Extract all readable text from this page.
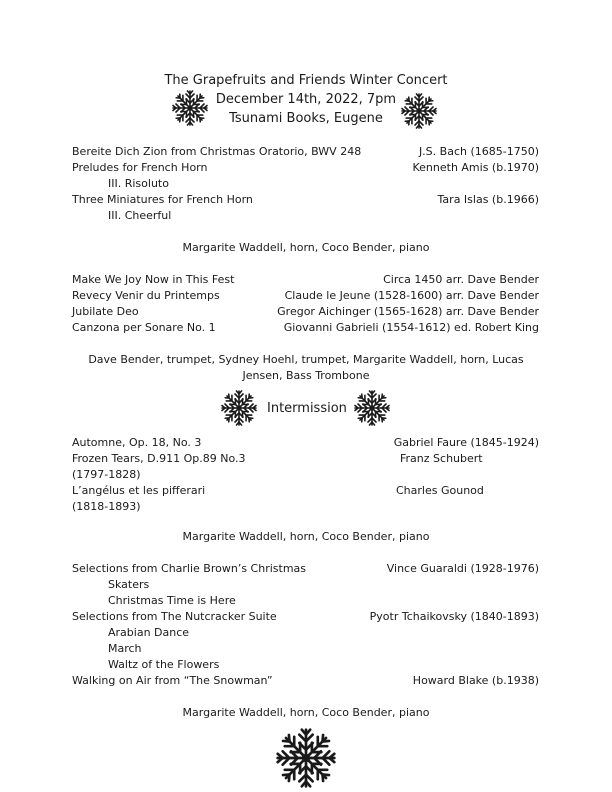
The Grapefruits and Friends Winter Concert
December 14th, 2022, 7pm
Tsunami Books, Eugene
Bereite Dich Zion from Christmas Oratorio, BWV 248	J.S. Bach (1685-1750)
Preludes for French Horn	Kenneth Amis (b.1970)
III. Risoluto
Three Miniatures for French Horn	Tara Islas (b.1966)
III. Cheerful
Margarite Waddell, horn, Coco Bender, piano
Make We Joy Now in This Fest	Circa 1450 arr. Dave Bender
Revecy Venir du Printemps	Claude le Jeune (1528-1600) arr. Dave Bender
Jubilate Deo	Gregor Aichinger (1565-1628) arr. Dave Bender
Canzona per Sonare No. 1	Giovanni Gabrieli (1554-1612) ed. Robert King
Dave Bender, trumpet, Sydney Hoehl, trumpet, Margarite Waddell, horn, Lucas
Jensen, Bass Trombone
Intermission
Automne, Op. 18, No. 3	Gabriel Faure (1845-1924)
Frozen Tears, D.911 Op.89 No.3	Franz Schubert
(1797-1828)
L’angélus et les pifferari	Charles Gounod
(1818-1893)
Margarite Waddell, horn, Coco Bender, piano
Selections from Charlie Brown’s Christmas	Vince Guaraldi (1928-1976)
Skaters
Christmas Time is Here
Selections from The Nutcracker Suite	Pyotr Tchaikovsky (1840-1893)
Arabian Dance
March
Waltz of the Flowers
Walking on Air from “The Snowman”	Howard Blake (b.1938)
Margarite Waddell, horn, Coco Bender, piano
